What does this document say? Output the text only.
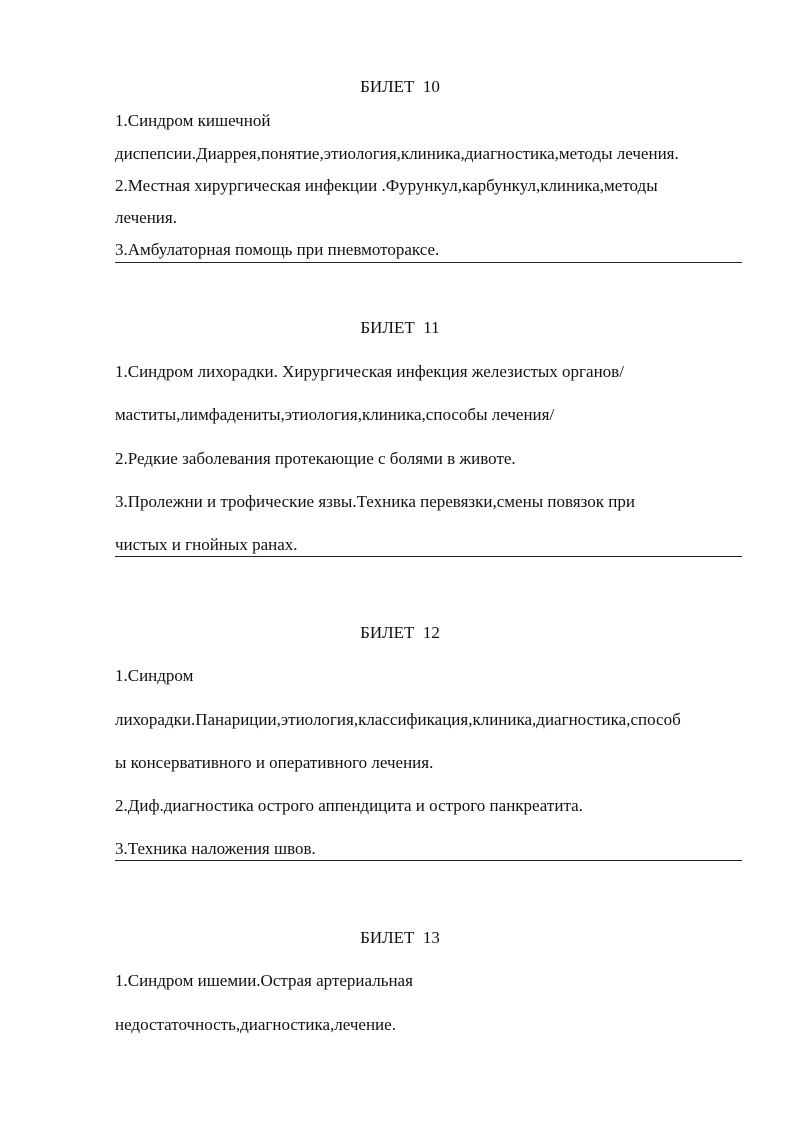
БИЛЕТ  10
1.Синдром кишечной
диспепсии.Диаррея,понятие,этиология,клиника,диагностика,методы лечения.
2.Местная хирургическая инфекции .Фурункул,карбункул,клиника,методы
лечения.
3.Амбулаторная помощь при пневмотораксе.
БИЛЕТ  11
1.Синдром лихорадки. Хирургическая инфекция железистых органов/
маститы,лимфадениты,этиология,клиника,способы лечения/
2.Редкие заболевания протекающие с болями в животе.
3.Пролежни и трофические язвы.Техника перевязки,смены повязок при
чистых и гнойных ранах.
БИЛЕТ  12
1.Синдром
лихорадки.Панариции,этиология,классификация,клиника,диагностика,способ
ы консервативного и оперативного лечения.
2.Диф.диагностика острого аппендицита и острого панкреатита.
3.Техника наложения швов.
БИЛЕТ  13
1.Синдром ишемии.Острая артериальная
недостаточность,диагностика,лечение.
